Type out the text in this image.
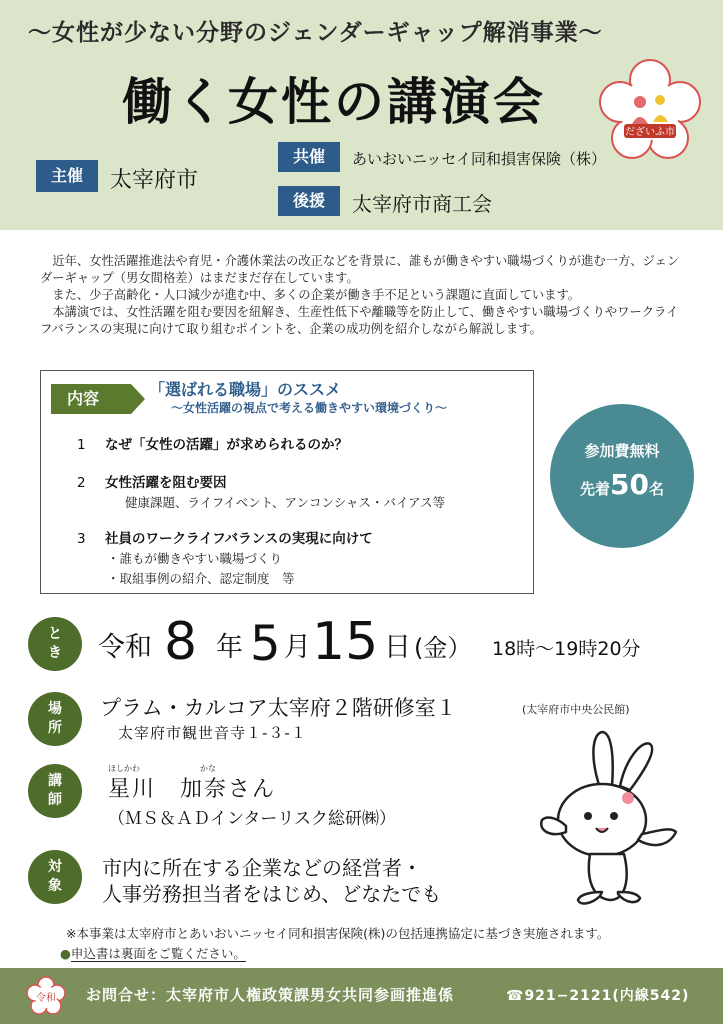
〜女性が少ない分野のジェンダーギャップ解消事業〜
働く女性の講演会
だざいふ市
主催	太宰府市
共催	あいおいニッセイ同和損害保険（株）
後援	太宰府市商工会

近年、女性活躍推進法や育児・介護休業法の改正などを背景に、誰もが働きやすい職場づくりが進む一方、ジェンダーギャップ（男女間格差）はまだまだ存在しています。

また、少子高齢化・人口減少が進む中、多くの企業が働き手不足という課題に直面しています。

本講演では、女性活躍を阻む要因を紐解き、生産性低下や離職等を防止して、働きやすい職場づくりやワークライフバランスの実現に向けて取り組むポイントを、企業の成功例を紹介しながら解説します。

内容	「選ばれる職場」のススメ
〜女性活躍の視点で考える働きやすい環境づくり〜
1 なぜ「女性の活躍」が求められるのか？
2 女性活躍を阻む要因
健康課題、ライフイベント、アンコンシャス・バイアス等
3 社員のワークライフバランスの実現に向けて
・誰もが働きやすい職場づくり
・取組事例の紹介、認定制度　等
参加費無料
先着50名
と
き	令和 8 年 5 月 15 日 (金） 18時〜19時20分
場
所
プラム・カルコア太宰府２階研修室１	(太宰府市中央公民館)
太宰府市観世音寺１-３-１
講
師
ほしかわ	かな
星川　加奈さん
（ＭＳ＆ＡＤインターリスク総研㈱）
対
象
市内に所在する企業などの経営者・
人事労務担当者をはじめ、どなたでも
※本事業は太宰府市とあいおいニッセイ同和損害保険(株)の包括連携協定に基づき実施されます。
●申込書は裏面をご覧ください。
令和 お問合せ：太宰府市人権政策課男女共同参画推進係	☎921−2121(内線542)
